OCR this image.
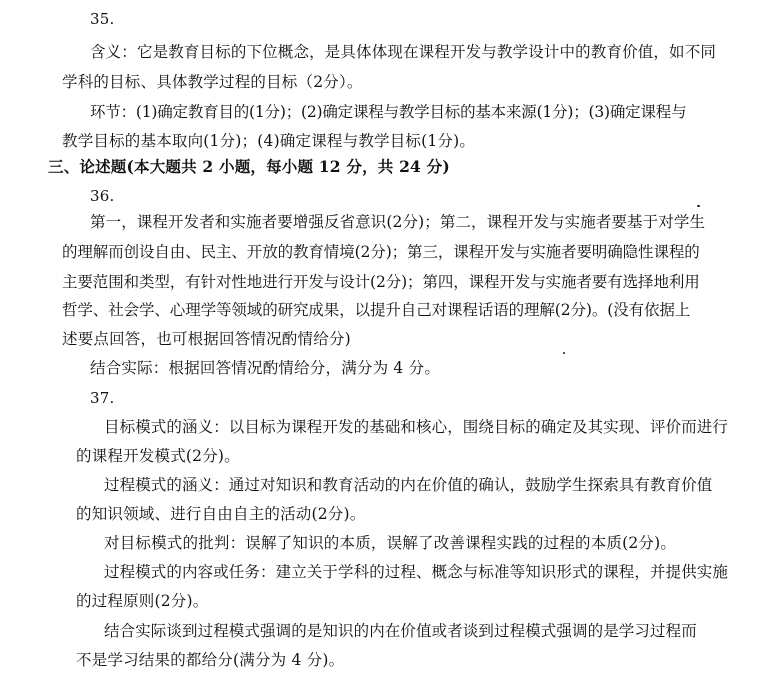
35.
含义：它是教育目标的下位概念，是具体体现在课程开发与教学设计中的教育价值，如不同
学科的目标、具体教学过程的目标（2分）。
环节：(1)确定教育目的(1分)；(2)确定课程与教学目标的基本来源(1分)；(3)确定课程与
教学目标的基本取向(1分)；(4)确定课程与教学目标(1分)。
三、论述题(本大题共 2 小题，每小题 12 分，共 24 分)
36.
第一，课程开发者和实施者要增强反省意识(2分)；第二，课程开发与实施者要基于对学生
的理解而创设自由、民主、开放的教育情境(2分)；第三，课程开发与实施者要明确隐性课程的
主要范围和类型，有针对性地进行开发与设计(2分)；第四，课程开发与实施者要有选择地利用
哲学、社会学、心理学等领域的研究成果，以提升自己对课程话语的理解(2分)。(没有依据上
述要点回答，也可根据回答情况酌情给分)
结合实际：根据回答情况酌情给分，满分为 4 分。
37.
目标模式的涵义：以目标为课程开发的基础和核心，围绕目标的确定及其实现、评价而进行
的课程开发模式(2分)。
过程模式的涵义：通过对知识和教育活动的内在价值的确认，鼓励学生探索具有教育价值
的知识领域、进行自由自主的活动(2分)。
对目标模式的批判：误解了知识的本质，误解了改善课程实践的过程的本质(2分)。
过程模式的内容或任务：建立关于学科的过程、概念与标准等知识形式的课程，并提供实施
的过程原则(2分)。
结合实际谈到过程模式强调的是知识的内在价值或者谈到过程模式强调的是学习过程而
不是学习结果的都给分(满分为 4 分)。
